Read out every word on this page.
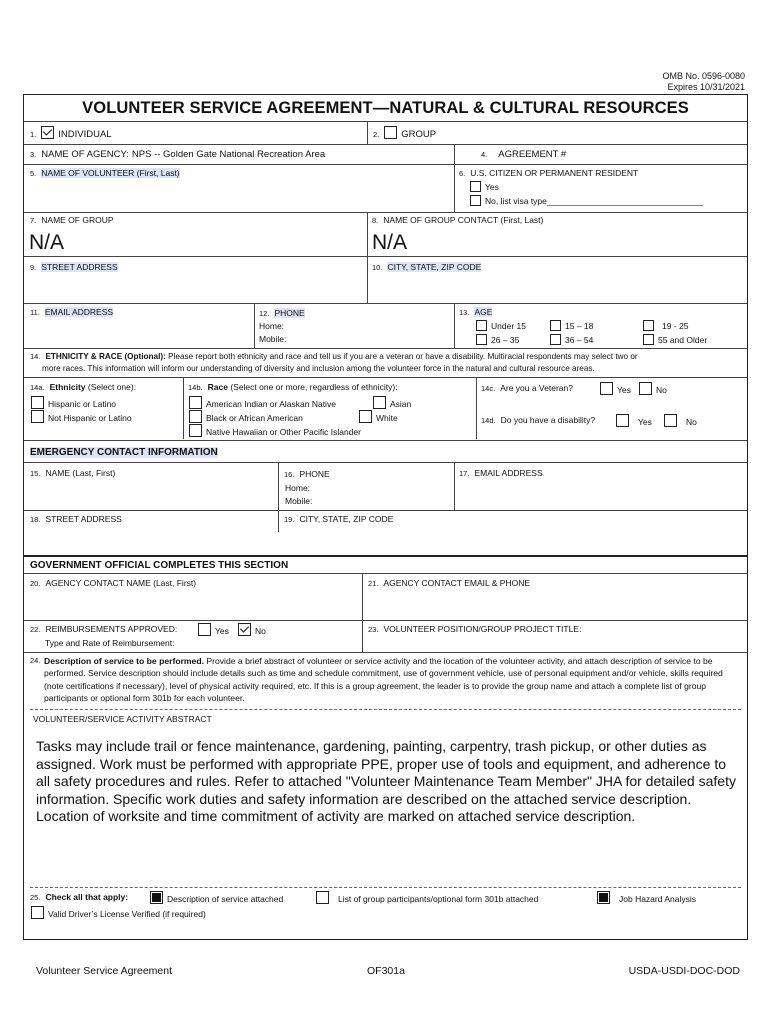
OMB No. 0596-0080
Expires 10/31/2021
VOLUNTEER SERVICE AGREEMENT—NATURAL & CULTURAL RESOURCES
1. INDIVIDUAL	2. GROUP
3. NAME OF AGENCY: NPS -- Golden Gate National Recreation Area	4. AGREEMENT #
5. NAME OF VOLUNTEER (First, Last)	6. U.S. CITIZEN OR PERMANENT RESIDENT
Yes
No, list visa type_________________________________
7. NAME OF GROUP
N/A
8. NAME OF GROUP CONTACT (First, Last)
N/A
9. STREET ADDRESS	10. CITY, STATE, ZIP CODE
11. EMAIL ADDRESS	12. PHONE
Home:
Mobile:
13. AGE
Under 15	15 – 18	19 - 25
26 – 35	36 – 54	55 and Older
14. ETHNICITY & RACE (Optional): Please report both ethnicity and race and tell us if you are a veteran or have a disability. Multiracial respondents may select two or
more races. This information will inform our understanding of diversity and inclusion among the volunteer force in the natural and cultural resource areas.
14a. Ethnicity (Select one):
Hispanic or Latino
Not Hispanic or Latino
14b. Race (Select one or more, regardless of ethnicity):
American Indian or Alaskan Native	Asian
Black or African American	White
Native Hawaiian or Other Pacific Islander
14c. Are you a Veteran?	Yes	No
14d. Do you have a disability?	Yes	No
EMERGENCY CONTACT INFORMATION
15. NAME (Last, First)	16. PHONE
Home:
Mobile:
17. EMAIL ADDRESS
18. STREET ADDRESS	19. CITY, STATE, ZIP CODE
GOVERNMENT OFFICIAL COMPLETES THIS SECTION
20. AGENCY CONTACT NAME (Last, First)	21. AGENCY CONTACT EMAIL & PHONE
22. REIMBURSEMENTS APPROVED:	Yes	No
Type and Rate of Reimbursement:
23. VOLUNTEER POSITION/GROUP PROJECT TITLE:
24. Description of service to be performed. Provide a brief abstract of volunteer or service activity and the location of the volunteer activity, and attach description of service to be performed. Service description should include details such as time and schedule commitment, use of government vehicle, use of personal equipment and/or vehicle, skills required (note certifications if necessary), level of physical activity required, etc. If this is a group agreement, the leader is to provide the group name and attach a complete list of group participants or optional form 301b for each volunteer.
VOLUNTEER/SERVICE ACTIVITY ABSTRACT
Tasks may include trail or fence maintenance, gardening, painting, carpentry, trash pickup, or other duties as assigned. Work must be performed with appropriate PPE, proper use of tools and equipment, and adherence to all safety procedures and rules. Refer to attached "Volunteer Maintenance Team Member" JHA for detailed safety information. Specific work duties and safety information are described on the attached service description. Location of worksite and time commitment of activity are marked on attached service description.
25. Check all that apply:	Description of service attached	List of group participants/optional form 301b attached	Job Hazard Analysis
Valid Driver’s License Verified (if required)
Volunteer Service Agreement	OF301a	USDA-USDI-DOC-DOD
